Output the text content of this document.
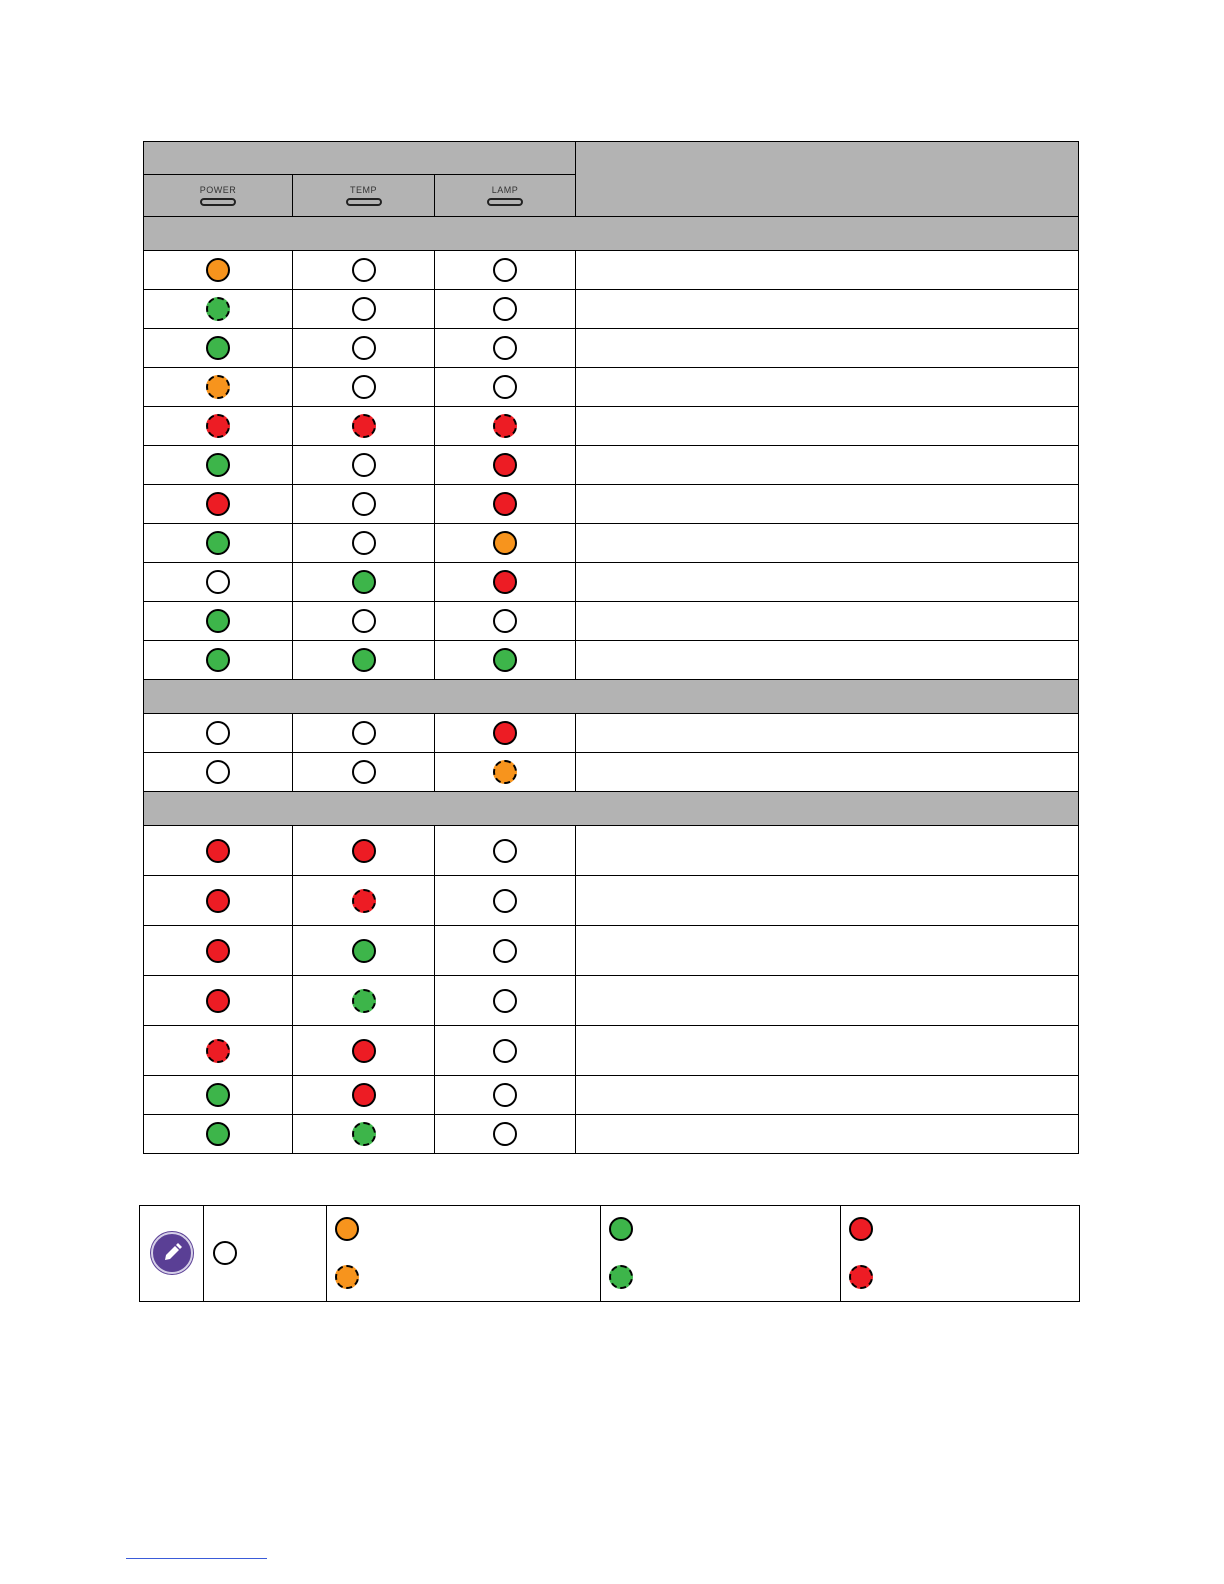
POWER	TEMP	LAMP	
